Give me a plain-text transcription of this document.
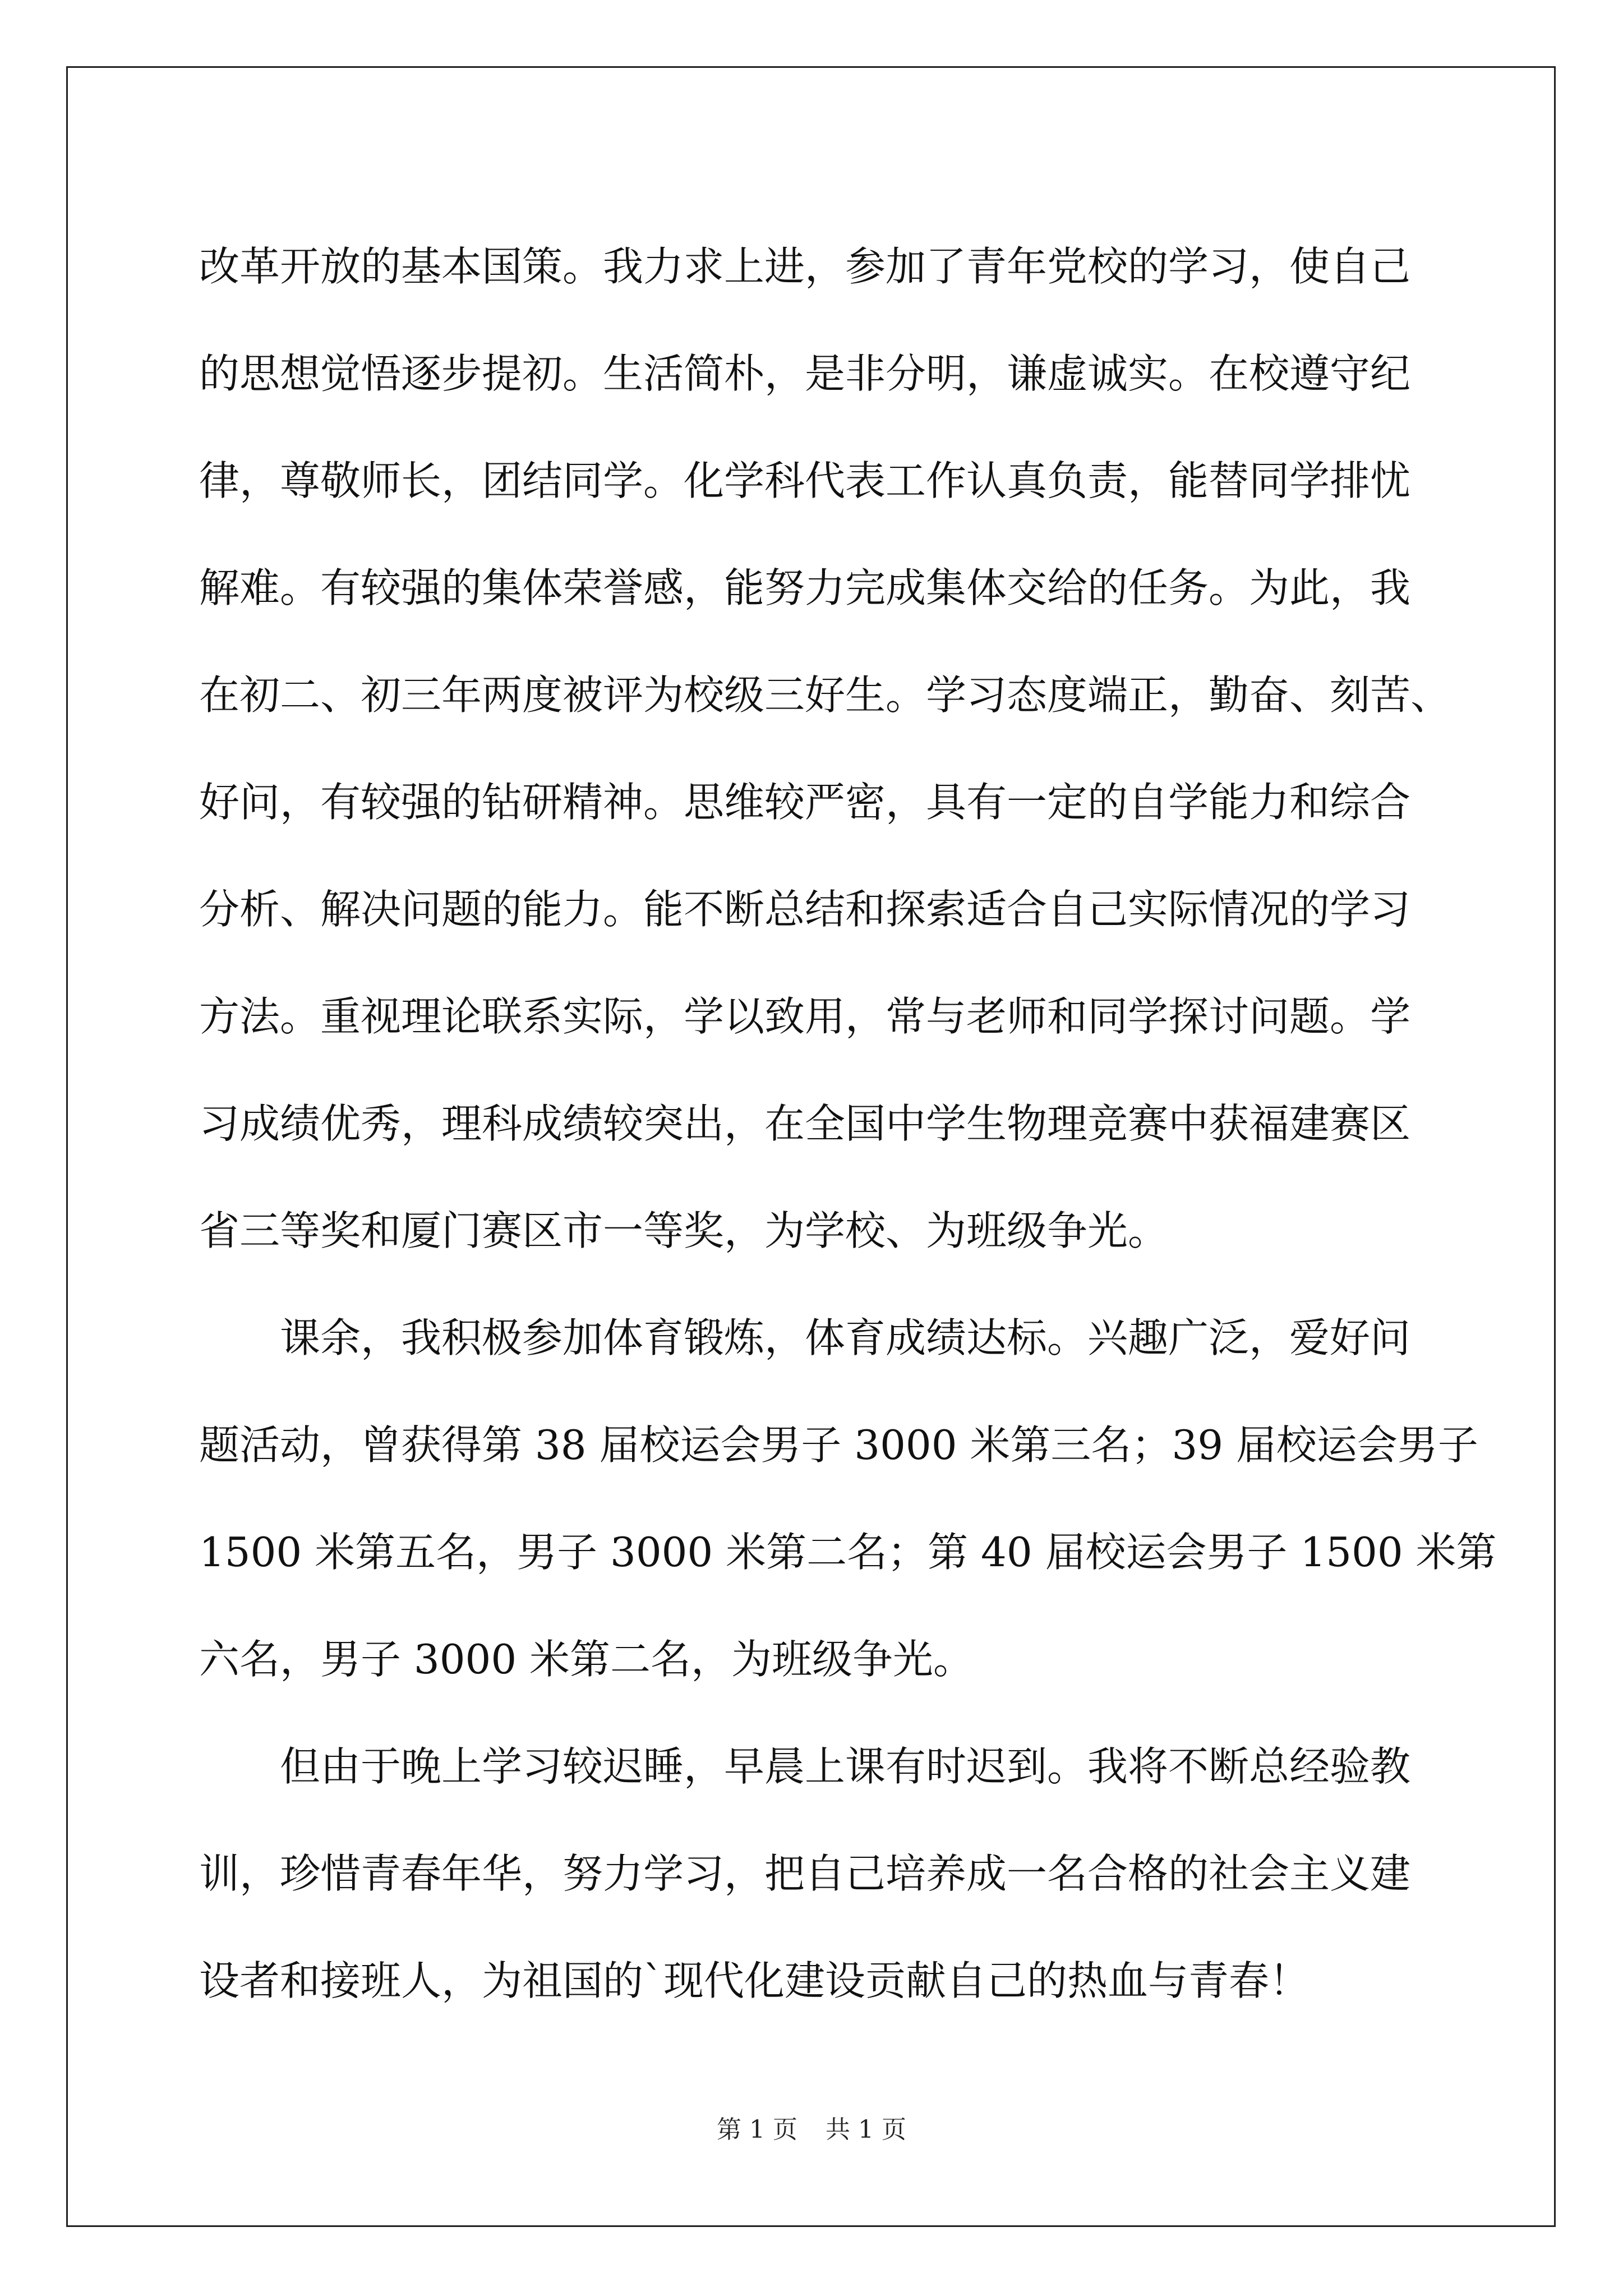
改革开放的基本国策。我力求上进，参加了青年党校的学习，使自己
的思想觉悟逐步提初。生活简朴，是非分明，谦虚诚实。在校遵守纪
律，尊敬师长，团结同学。化学科代表工作认真负责，能替同学排忧
解难。有较强的集体荣誉感，能努力完成集体交给的任务。为此，我
在初二、初三年两度被评为校级三好生。学习态度端正，勤奋、刻苦、
好问，有较强的钻研精神。思维较严密，具有一定的自学能力和综合
分析、解决问题的能力。能不断总结和探索适合自己实际情况的学习
方法。重视理论联系实际，学以致用，常与老师和同学探讨问题。学
习成绩优秀，理科成绩较突出，在全国中学生物理竞赛中获福建赛区
省三等奖和厦门赛区市一等奖，为学校、为班级争光。
　　课余，我积极参加体育锻炼，体育成绩达标。兴趣广泛，爱好问
题活动，曾获得第 38 届校运会男子 3000 米第三名；39 届校运会男子
1500 米第五名，男子 3000 米第二名；第 40 届校运会男子 1500 米第
六名，男子 3000 米第二名，为班级争光。
　　但由于晚上学习较迟睡，早晨上课有时迟到。我将不断总经验教
训，珍惜青春年华，努力学习，把自己培养成一名合格的社会主义建
设者和接班人，为祖国的`现代化建设贡献自己的热血与青春！
第 1 页 共 1 页
